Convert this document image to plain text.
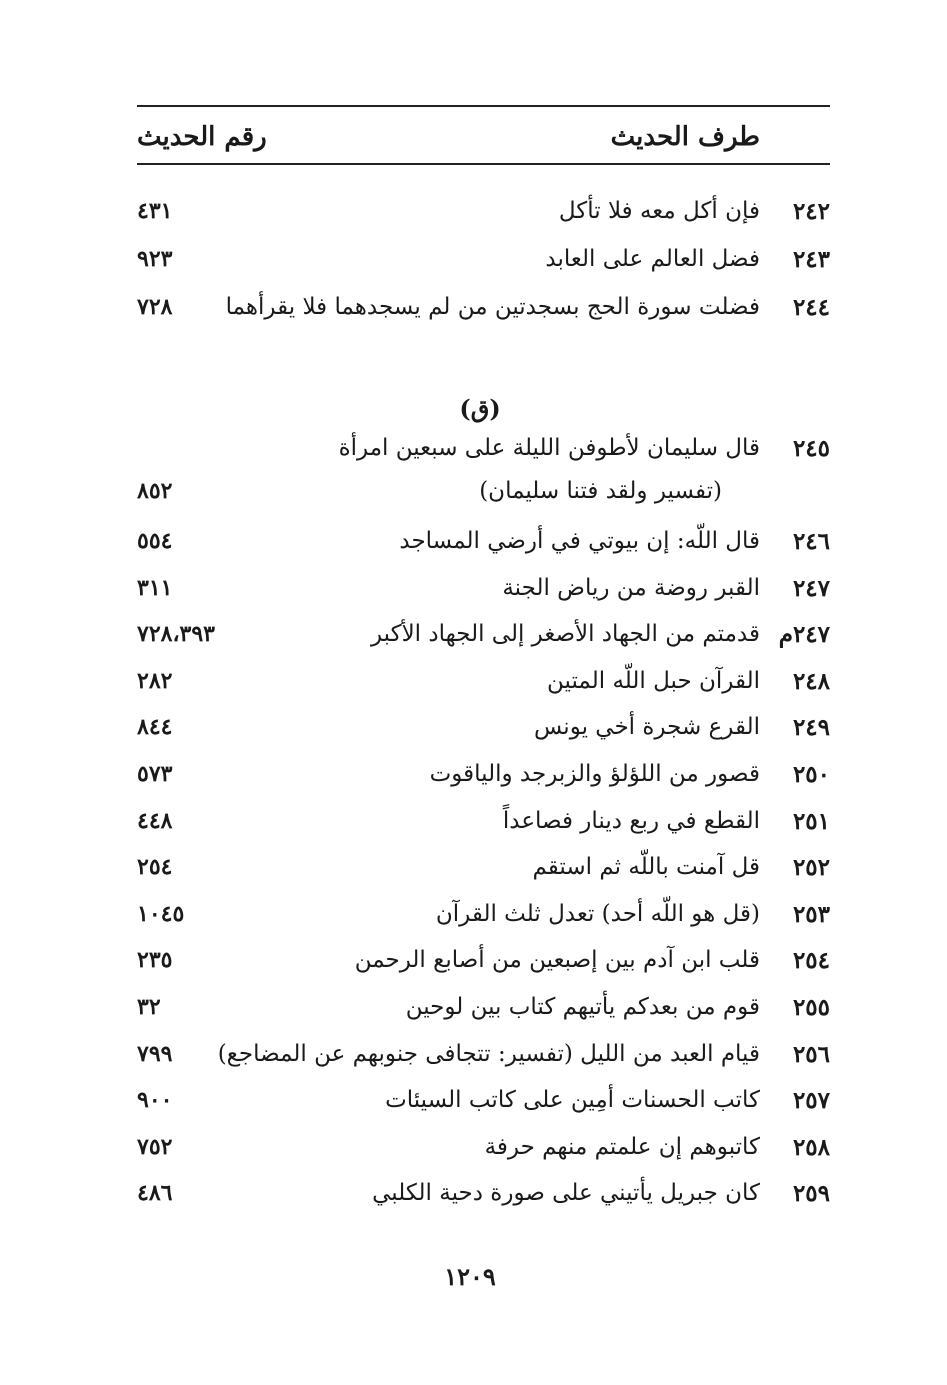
طرف الحديث
رقم الحديث
٢٤٢
فإن أكل معه فلا تأكل
٤٣١
٢٤٣
فضل العالم على العابد
٩٢٣
٢٤٤
فضلت سورة الحج بسجدتين من لم يسجدهما فلا يقرأهما
٧٢٨
(ق)
٢٤٥
قال سليمان لأطوفن الليلة على سبعين امرأة
(تفسير ولقد فتنا سليمان)
٨٥٢
٢٤٦
قال اللّه: إن بيوتي في أرضي المساجد
٥٥٤
٢٤٧
القبر روضة من رياض الجنة
٣١١
٢٤٧م
قدمتم من الجهاد الأصغر إلى الجهاد الأكبر
٧٢٨،٣٩٣
٢٤٨
القرآن حبل اللّه المتين
٢٨٢
٢٤٩
القرع شجرة أخي يونس
٨٤٤
٢٥٠
قصور من اللؤلؤ والزبرجد والياقوت
٥٧٣
٢٥١
القطع في ربع دينار فصاعداً
٤٤٨
٢٥٢
قل آمنت باللّه ثم استقم
٢٥٤
٢٥٣
(قل هو اللّه أحد) تعدل ثلث القرآن
١٠٤٥
٢٥٤
قلب ابن آدم بين إصبعين من أصابع الرحمن
٢٣٥
٢٥٥
قوم من بعدكم يأتيهم كتاب بين لوحين
٣٢
٢٥٦
قيام العبد من الليل (تفسير: تتجافى جنوبهم عن المضاجع)
٧٩٩
٢٥٧
كاتب الحسنات أمِين على كاتب السيئات
٩٠٠
٢٥٨
كاتبوهم إن علمتم منهم حرفة
٧٥٢
٢٥٩
كان جبريل يأتيني على صورة دحية الكلبي
٤٨٦
١٢٠٩
